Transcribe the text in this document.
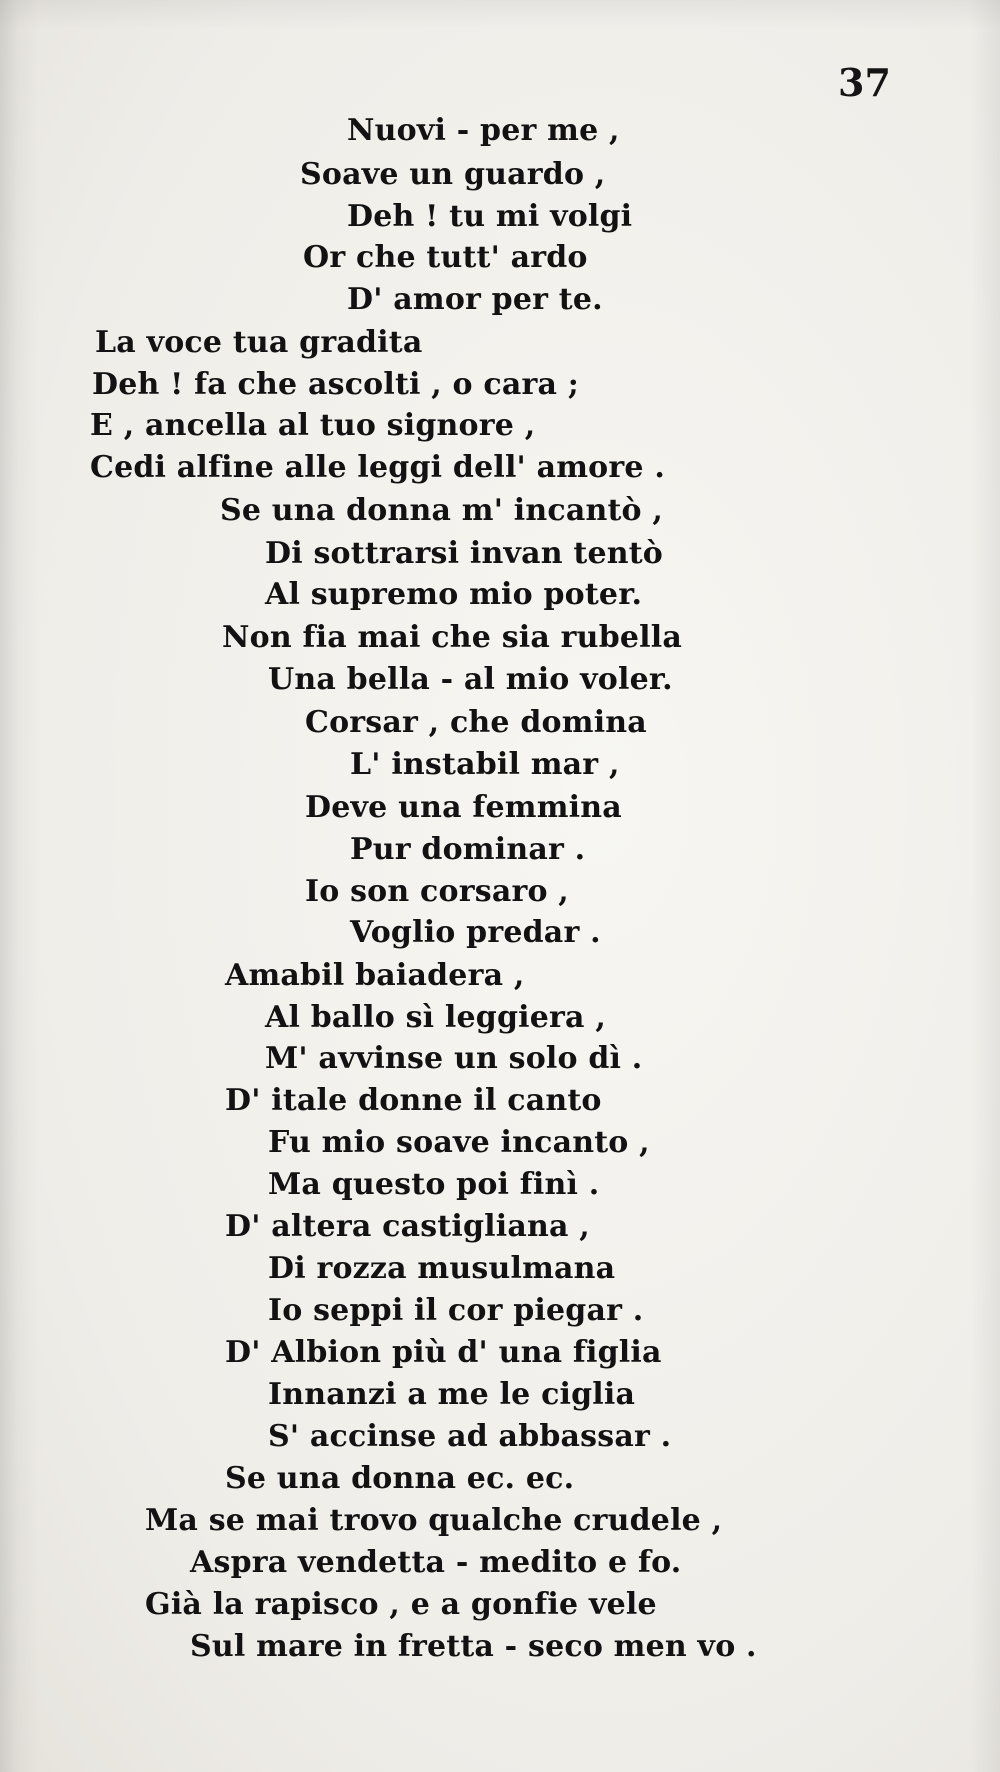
37
Nuovi - per me ,
Soave un guardo ,
Deh ! tu mi volgi
Or che tutt' ardo
D' amor per te.
La voce tua gradita
Deh ! fa che ascolti , o cara ;
E , ancella al tuo signore ,
Cedi alfine alle leggi dell' amore .
Se una donna m' incantò ,
Di sottrarsi invan tentò
Al supremo mio poter.
Non fia mai che sia rubella
Una bella - al mio voler.
Corsar , che domina
L' instabil mar ,
Deve una femmina
Pur dominar .
Io son corsaro ,
Voglio predar .
Amabil baiadera ,
Al ballo sì leggiera ,
M' avvinse un solo dì .
D' itale donne il canto
Fu mio soave incanto ,
Ma questo poi finì .
D' altera castigliana ,
Di rozza musulmana
Io seppi il cor piegar .
D' Albion più d' una figlia
Innanzi a me le ciglia
S' accinse ad abbassar .
Se una donna ec. ec.
Ma se mai trovo qualche crudele ,
Aspra vendetta - medito e fo.
Già la rapisco , e a gonfie vele
Sul mare in fretta - seco men vo .
